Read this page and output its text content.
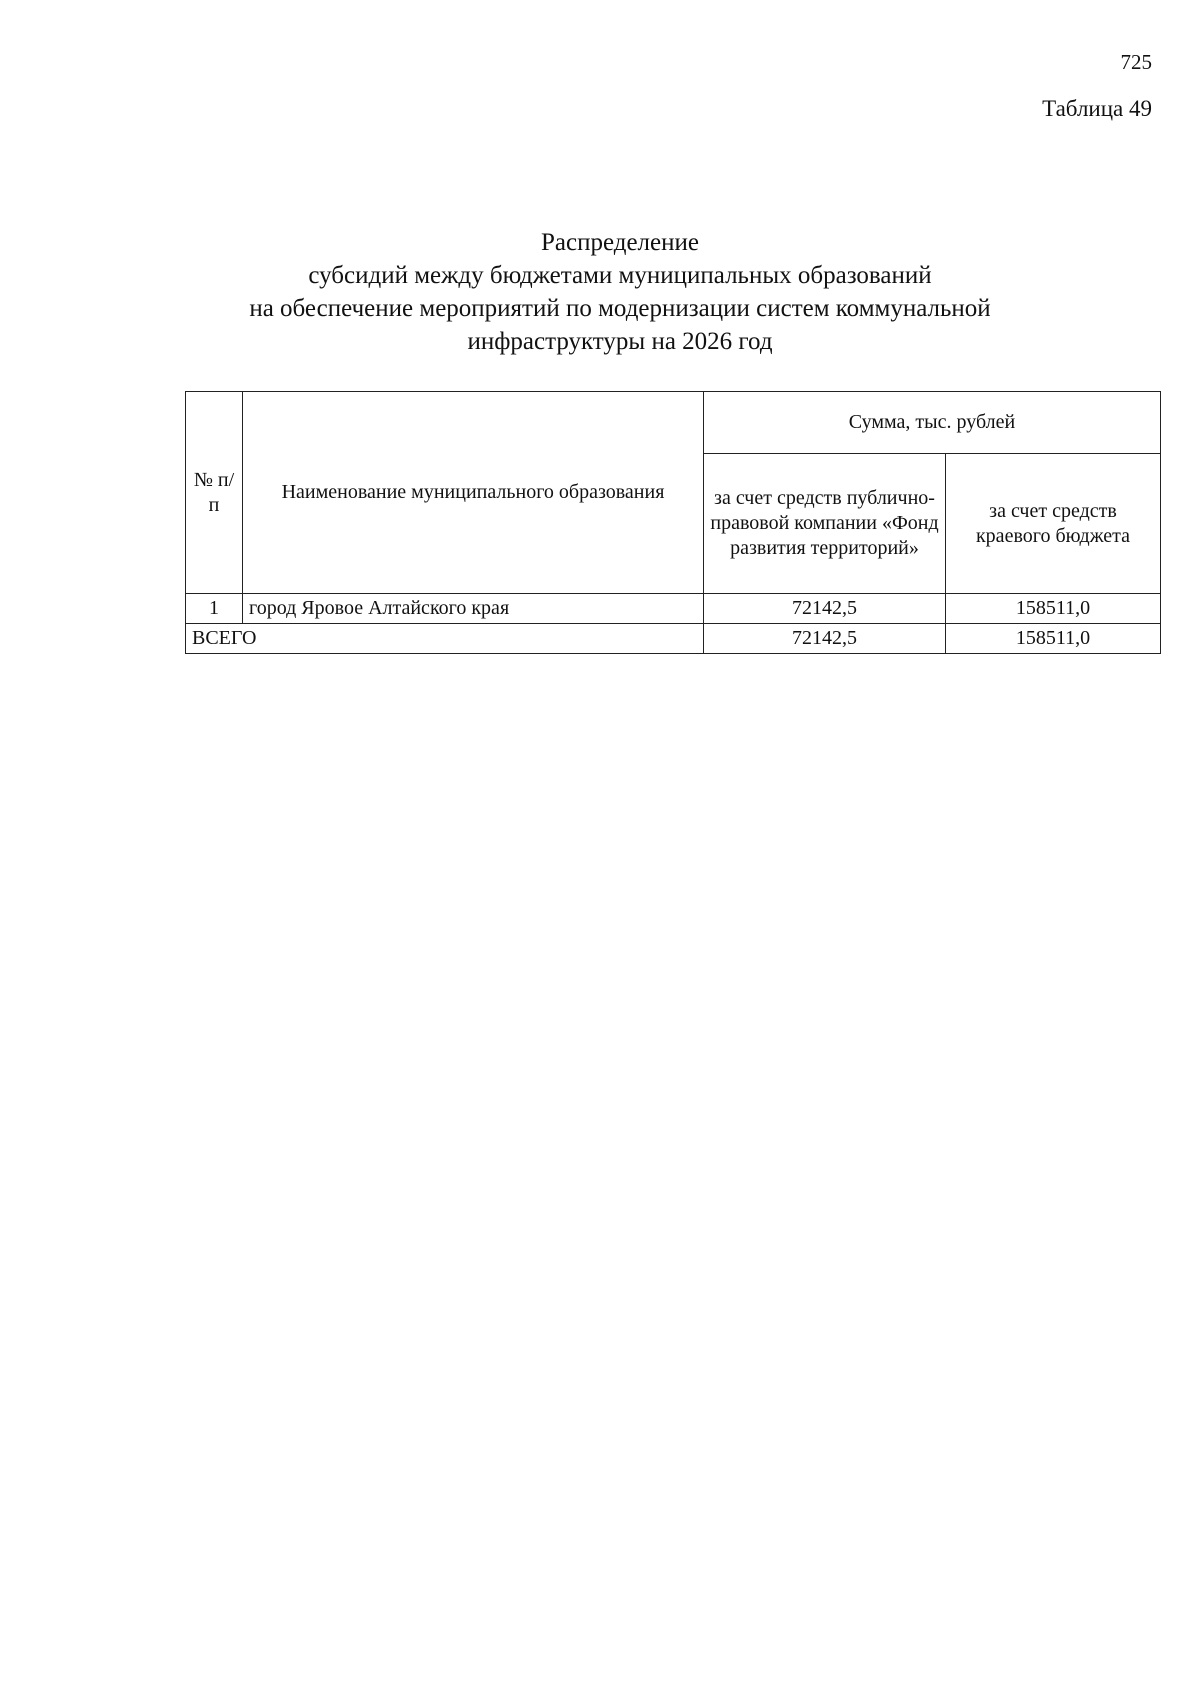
725
Таблица 49
Распределение
субсидий между бюджетами муниципальных образований
на обеспечение мероприятий по модернизации систем коммунальной
инфраструктуры на 2026 год
№ п/п	Наименование муниципального образования	Сумма, тыс. рублей	
		за счет средств публично-правовой компании «Фонд развития территорий»	за счет средств краевого бюджета
1	город Яровое Алтайского края	72142,5	158511,0
ВСЕГО		72142,5	158511,0
